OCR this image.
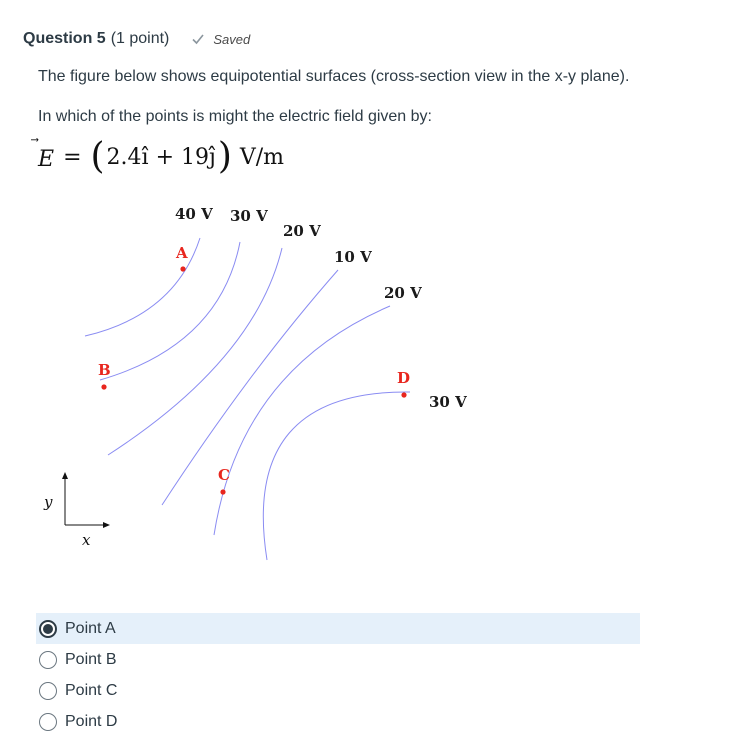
Question 5 (1 point)	Saved
The figure below shows equipotential surfaces (cross-section view in the x-y plane).
In which of the points is might the electric field given by:
E = ( 2.4î + 19ĵ ) V/m
40 V 30 V
20 V
10 V
20 V
30 V
A
B
C
D
x
y
Point A
Point B
Point C
Point D
